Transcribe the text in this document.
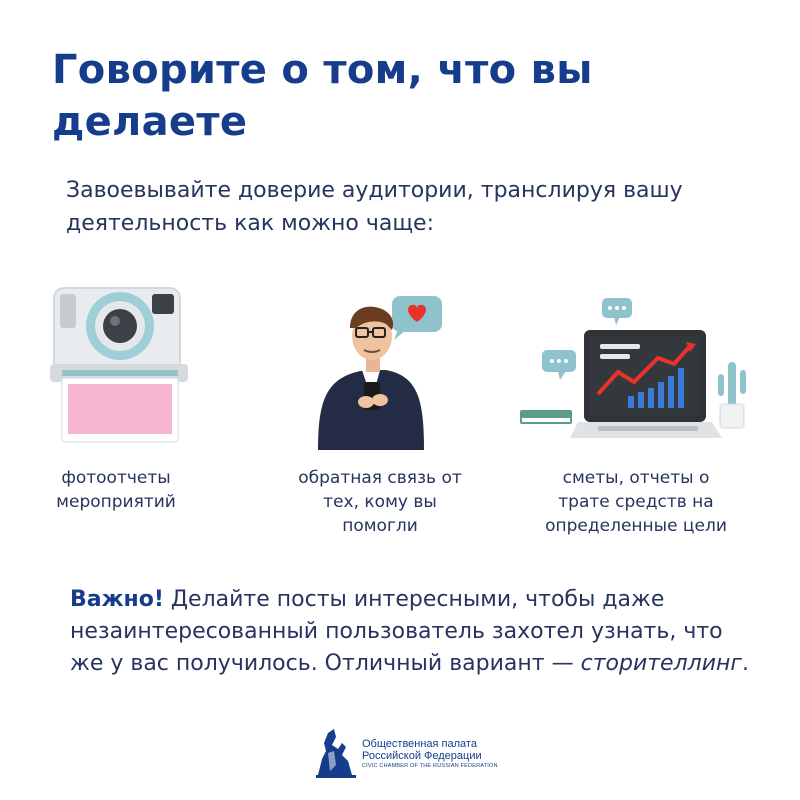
Говорите о том, что вы делаете
Завоевывайте доверие аудитории, транслируя вашу деятельность как можно чаще:
фотоотчеты мероприятий
обратная связь от тех, кому вы помогли
сметы, отчеты о трате средств на определенные цели
Важно! Делайте посты интересными, чтобы даже незаинтересованный пользователь захотел узнать, что же у вас получилось. Отличный вариант — сторителлинг.
Общественная палата
Российской Федерации
CIVIC CHAMBER OF THE RUSSIAN FEDERATION
